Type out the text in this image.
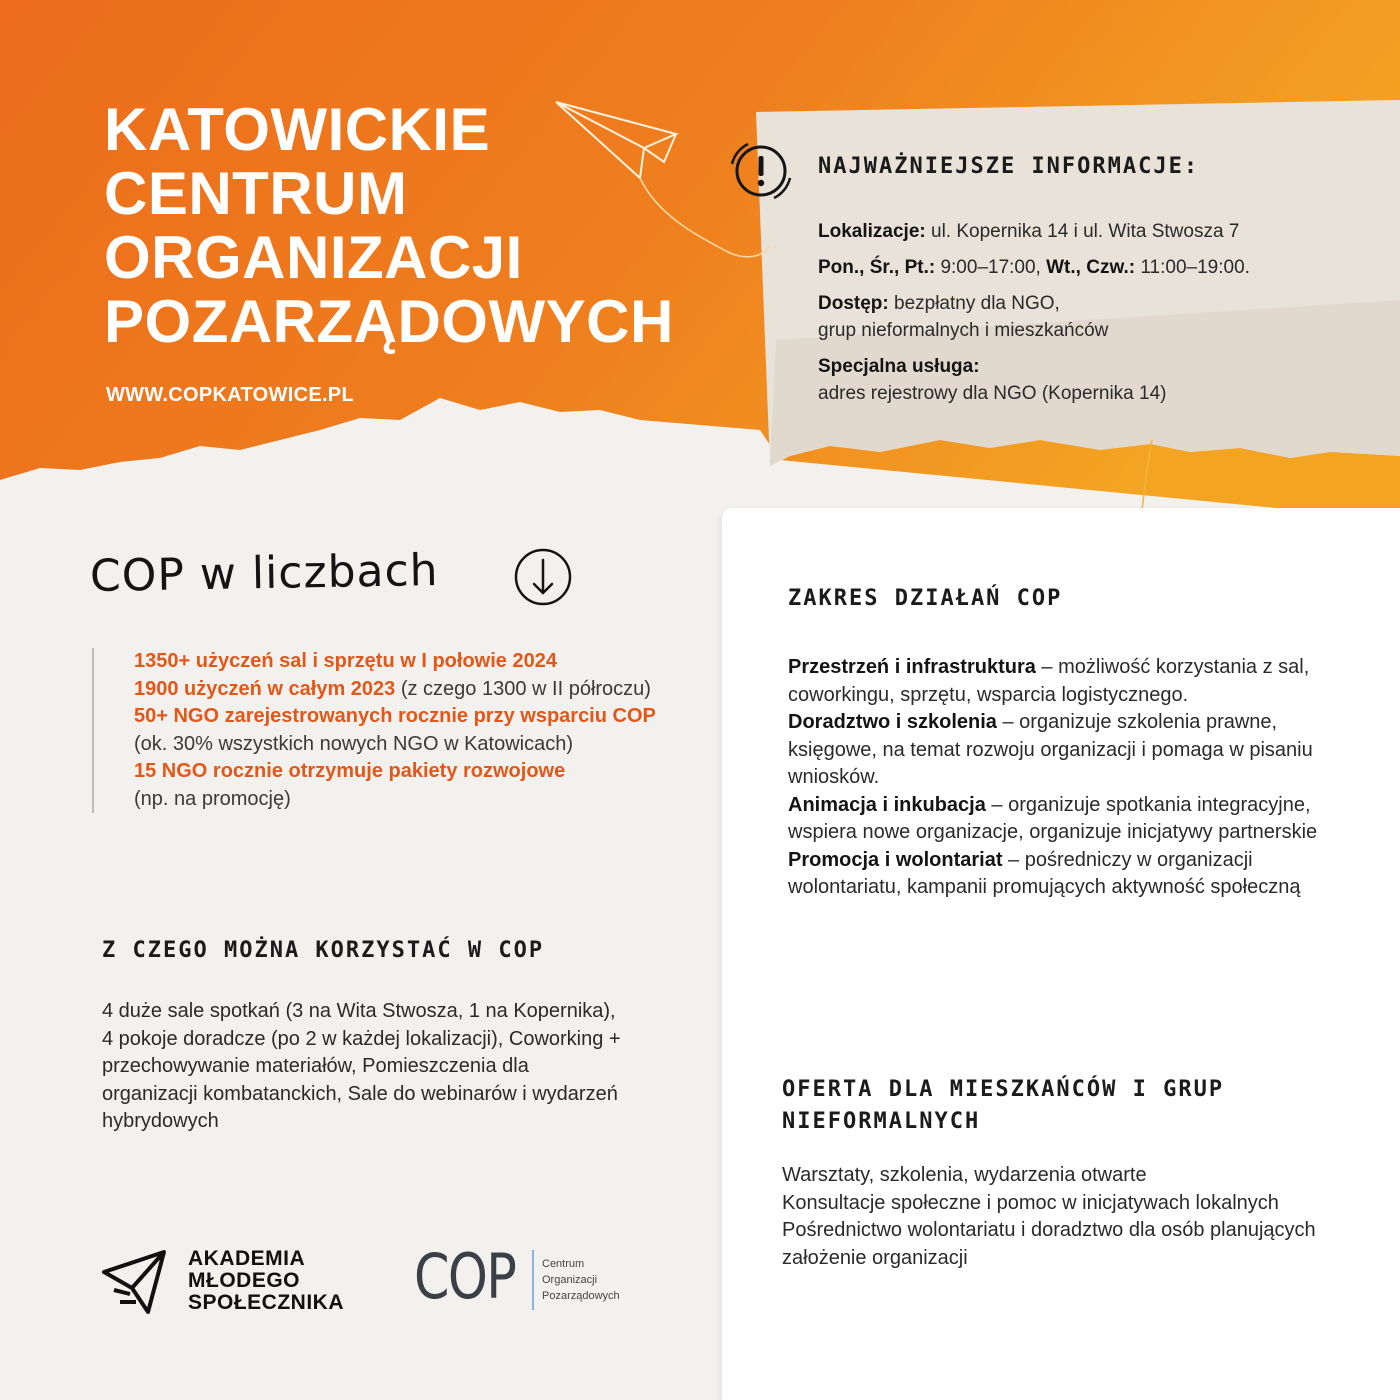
KATOWICKIE
CENTRUM
ORGANIZACJI
POZARZĄDOWYCH
WWW.COPKATOWICE.PL
NAJWAŻNIEJSZE INFORMACJE:

Lokalizacje: ul. Kopernika 14 i ul. Wita Stwosza 7

Pon., Śr., Pt.: 9:00–17:00, Wt., Czw.: 11:00–19:00.

Dostęp: bezpłatny dla NGO,
grup nieformalnych i mieszkańców

Specjalna usługa:
adres rejestrowy dla NGO (Kopernika 14)

ZAKRES DZIAŁAŃ COP

Przestrzeń i infrastruktura – możliwość korzystania z sal, coworkingu, sprzętu, wsparcia logistycznego.

Doradztwo i szkolenia – organizuje szkolenia prawne, księgowe, na temat rozwoju organizacji i pomaga w pisaniu wniosków.

Animacja i inkubacja – organizuje spotkania integracyjne, wspiera nowe organizacje, organizuje inicjatywy partnerskie

Promocja i wolontariat – pośredniczy w organizacji wolontariatu, kampanii promujących aktywność społeczną

OFERTA DLA MIESZKAŃCÓW I GRUP NIEFORMALNYCH

Warsztaty, szkolenia, wydarzenia otwarte

Konsultacje społeczne i pomoc w inicjatywach lokalnych

Pośrednictwo wolontariatu i doradztwo dla osób planujących założenie organizacji

COP w liczbach

1350+ użyczeń sal i sprzętu w I połowie 2024

1900 użyczeń w całym 2023 (z czego 1300 w II półroczu)

50+ NGO zarejestrowanych rocznie przy wsparciu COP (ok. 30% wszystkich nowych NGO w Katowicach)

15 NGO rocznie otrzymuje pakiety rozwojowe
(np. na promocję)

Z CZEGO MOŻNA KORZYSTAĆ W COP
4 duże sale spotkań (3 na Wita Stwosza, 1 na Kopernika), 4 pokoje doradcze (po 2 w każdej lokalizacji), Coworking + przechowywanie materiałów, Pomieszczenia dla organizacji kombatanckich, Sale do webinarów i wydarzeń hybrydowych
AKADEMIA
MŁODEGO
SPOŁECZNIKA COP Centrum
Organizacji
Pozarządowych
